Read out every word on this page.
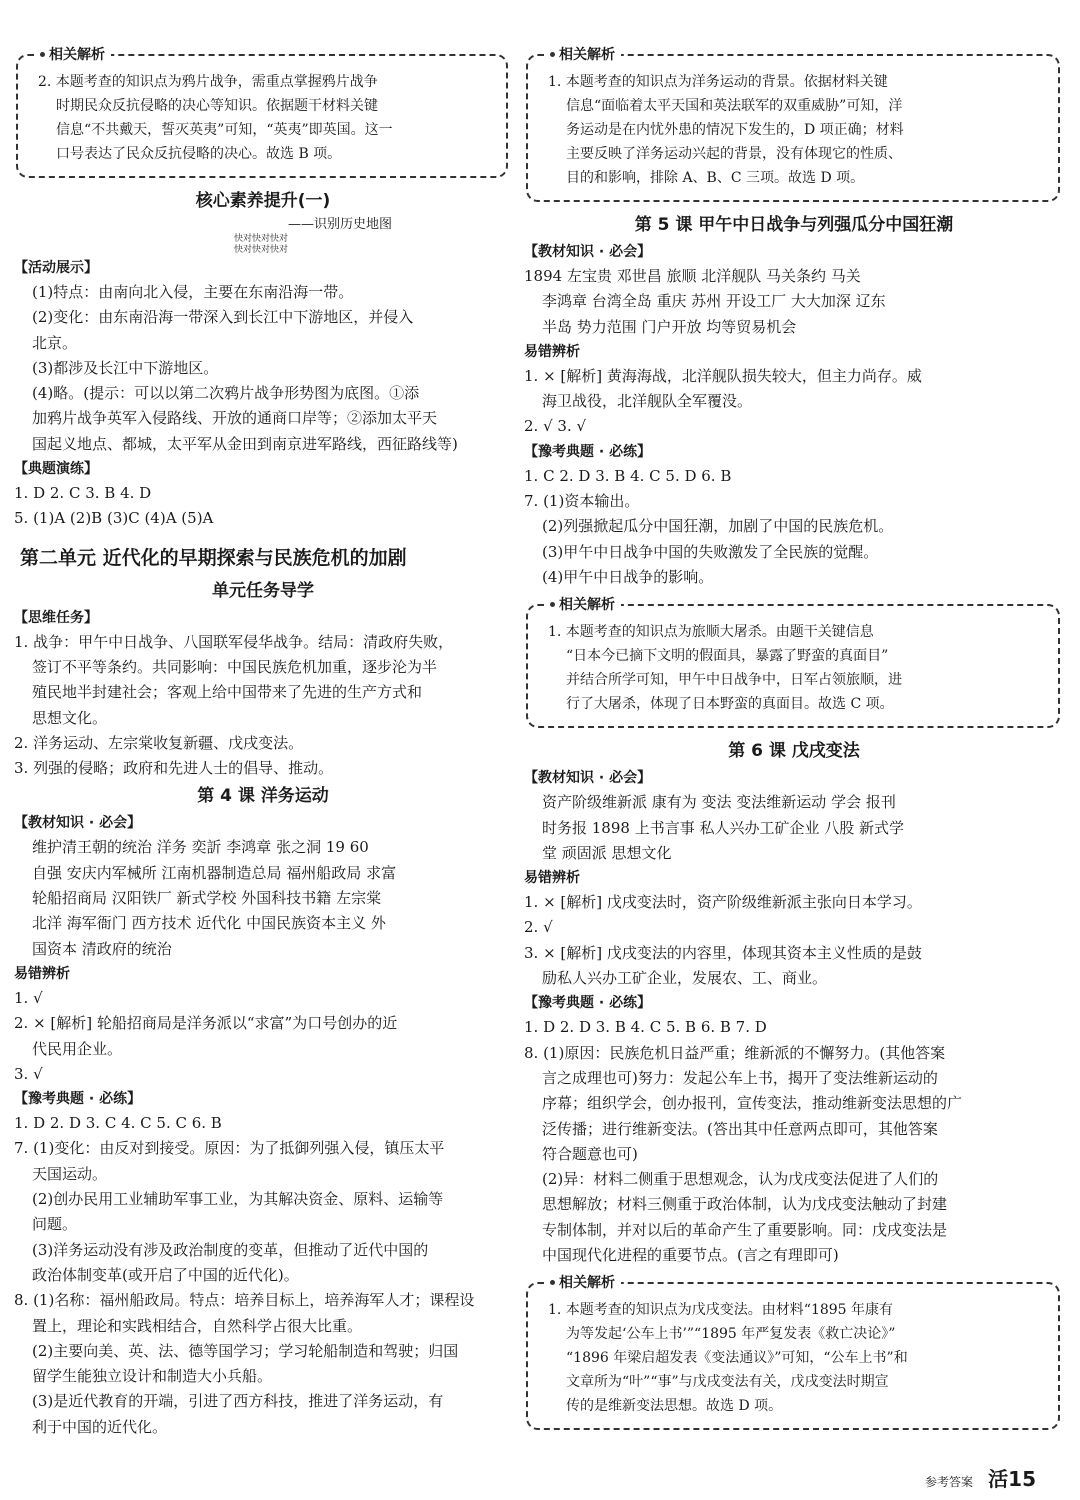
相关解析
2. 本题考查的知识点为鸦片战争，需重点掌握鸦片战争
时期民众反抗侵略的决心等知识。依据题干材料关键
信息“不共戴天，誓灭英夷”可知，“英夷”即英国。这一
口号表达了民众反抗侵略的决心。故选 B 项。
核心素养提升(一)
——识别历史地图
快对快对快对
快对快对快对
【活动展示】
(1)特点：由南向北入侵，主要在东南沿海一带。
(2)变化：由东南沿海一带深入到长江中下游地区，并侵入
北京。
(3)都涉及长江中下游地区。
(4)略。(提示：可以以第二次鸦片战争形势图为底图。①添
加鸦片战争英军入侵路线、开放的通商口岸等；②添加太平天
国起义地点、都城，太平军从金田到南京进军路线，西征路线等)
【典题演练】
1. D 2. C 3. B 4. D
5. (1)A (2)B (3)C (4)A (5)A
第二单元 近代化的早期探索与民族危机的加剧
单元任务导学
【思维任务】
1. 战争：甲午中日战争、八国联军侵华战争。结局：清政府失败，
签订不平等条约。共同影响：中国民族危机加重，逐步沦为半
殖民地半封建社会；客观上给中国带来了先进的生产方式和
思想文化。
2. 洋务运动、左宗棠收复新疆、戊戌变法。
3. 列强的侵略；政府和先进人士的倡导、推动。
第 4 课 洋务运动
【教材知识 · 必会】
维护清王朝的统治 洋务 奕訢 李鸿章 张之洞 19 60
自强 安庆内军械所 江南机器制造总局 福州船政局 求富
轮船招商局 汉阳铁厂 新式学校 外国科技书籍 左宗棠
北洋 海军衙门 西方技术 近代化 中国民族资本主义 外
国资本 清政府的统治
易错辨析
1. √
2. × [解析] 轮船招商局是洋务派以“求富”为口号创办的近
代民用企业。
3. √
【豫考典题 · 必练】
1. D 2. D 3. C 4. C 5. C 6. B
7. (1)变化：由反对到接受。原因：为了抵御列强入侵，镇压太平
天国运动。
(2)创办民用工业辅助军事工业，为其解决资金、原料、运输等
问题。
(3)洋务运动没有涉及政治制度的变革，但推动了近代中国的
政治体制变革(或开启了中国的近代化)。
8. (1)名称：福州船政局。特点：培养目标上，培养海军人才；课程设
置上，理论和实践相结合，自然科学占很大比重。
(2)主要向美、英、法、德等国学习；学习轮船制造和驾驶；归国
留学生能独立设计和制造大小兵船。
(3)是近代教育的开端，引进了西方科技，推进了洋务运动，有
利于中国的近代化。
相关解析
1. 本题考查的知识点为洋务运动的背景。依据材料关键
信息“面临着太平天国和英法联军的双重威胁”可知，洋
务运动是在内忧外患的情况下发生的，D 项正确；材料
主要反映了洋务运动兴起的背景，没有体现它的性质、
目的和影响，排除 A、B、C 三项。故选 D 项。
第 5 课 甲午中日战争与列强瓜分中国狂潮
【教材知识 · 必会】
1894 左宝贵 邓世昌 旅顺 北洋舰队 马关条约 马关
李鸿章 台湾全岛 重庆 苏州 开设工厂 大大加深 辽东
半岛 势力范围 门户开放 均等贸易机会
易错辨析
1. × [解析] 黄海海战，北洋舰队损失较大，但主力尚存。威
海卫战役，北洋舰队全军覆没。
2. √ 3. √
【豫考典题 · 必练】
1. C 2. D 3. B 4. C 5. D 6. B
7. (1)资本输出。
(2)列强掀起瓜分中国狂潮，加剧了中国的民族危机。
(3)甲午中日战争中国的失败激发了全民族的觉醒。
(4)甲午中日战争的影响。
相关解析
1. 本题考查的知识点为旅顺大屠杀。由题干关键信息
“日本今已摘下文明的假面具，暴露了野蛮的真面目”
并结合所学可知，甲午中日战争中，日军占领旅顺，进
行了大屠杀，体现了日本野蛮的真面目。故选 C 项。
第 6 课 戊戌变法
【教材知识 · 必会】
资产阶级维新派 康有为 变法 变法维新运动 学会 报刊
时务报 1898 上书言事 私人兴办工矿企业 八股 新式学
堂 顽固派 思想文化
易错辨析
1. × [解析] 戊戌变法时，资产阶级维新派主张向日本学习。
2. √
3. × [解析] 戊戌变法的内容里，体现其资本主义性质的是鼓
励私人兴办工矿企业，发展农、工、商业。
【豫考典题 · 必练】
1. D 2. D 3. B 4. C 5. B 6. B 7. D
8. (1)原因：民族危机日益严重；维新派的不懈努力。(其他答案
言之成理也可)努力：发起公车上书，揭开了变法维新运动的
序幕；组织学会，创办报刊，宣传变法，推动维新变法思想的广
泛传播；进行维新变法。(答出其中任意两点即可，其他答案
符合题意也可)
(2)异：材料二侧重于思想观念，认为戊戌变法促进了人们的
思想解放；材料三侧重于政治体制，认为戊戌变法触动了封建
专制体制，并对以后的革命产生了重要影响。同：戊戌变法是
中国现代化进程的重要节点。(言之有理即可)
相关解析
1. 本题考查的知识点为戊戌变法。由材料“1895 年康有
为等发起‘公车上书’”“1895 年严复发表《救亡决论》”
“1896 年梁启超发表《变法通议》”可知，“公车上书”和
文章所为“叶”“事”与戊戌变法有关，戊戌变法时期宣
传的是维新变法思想。故选 D 项。
参考答案 活15
